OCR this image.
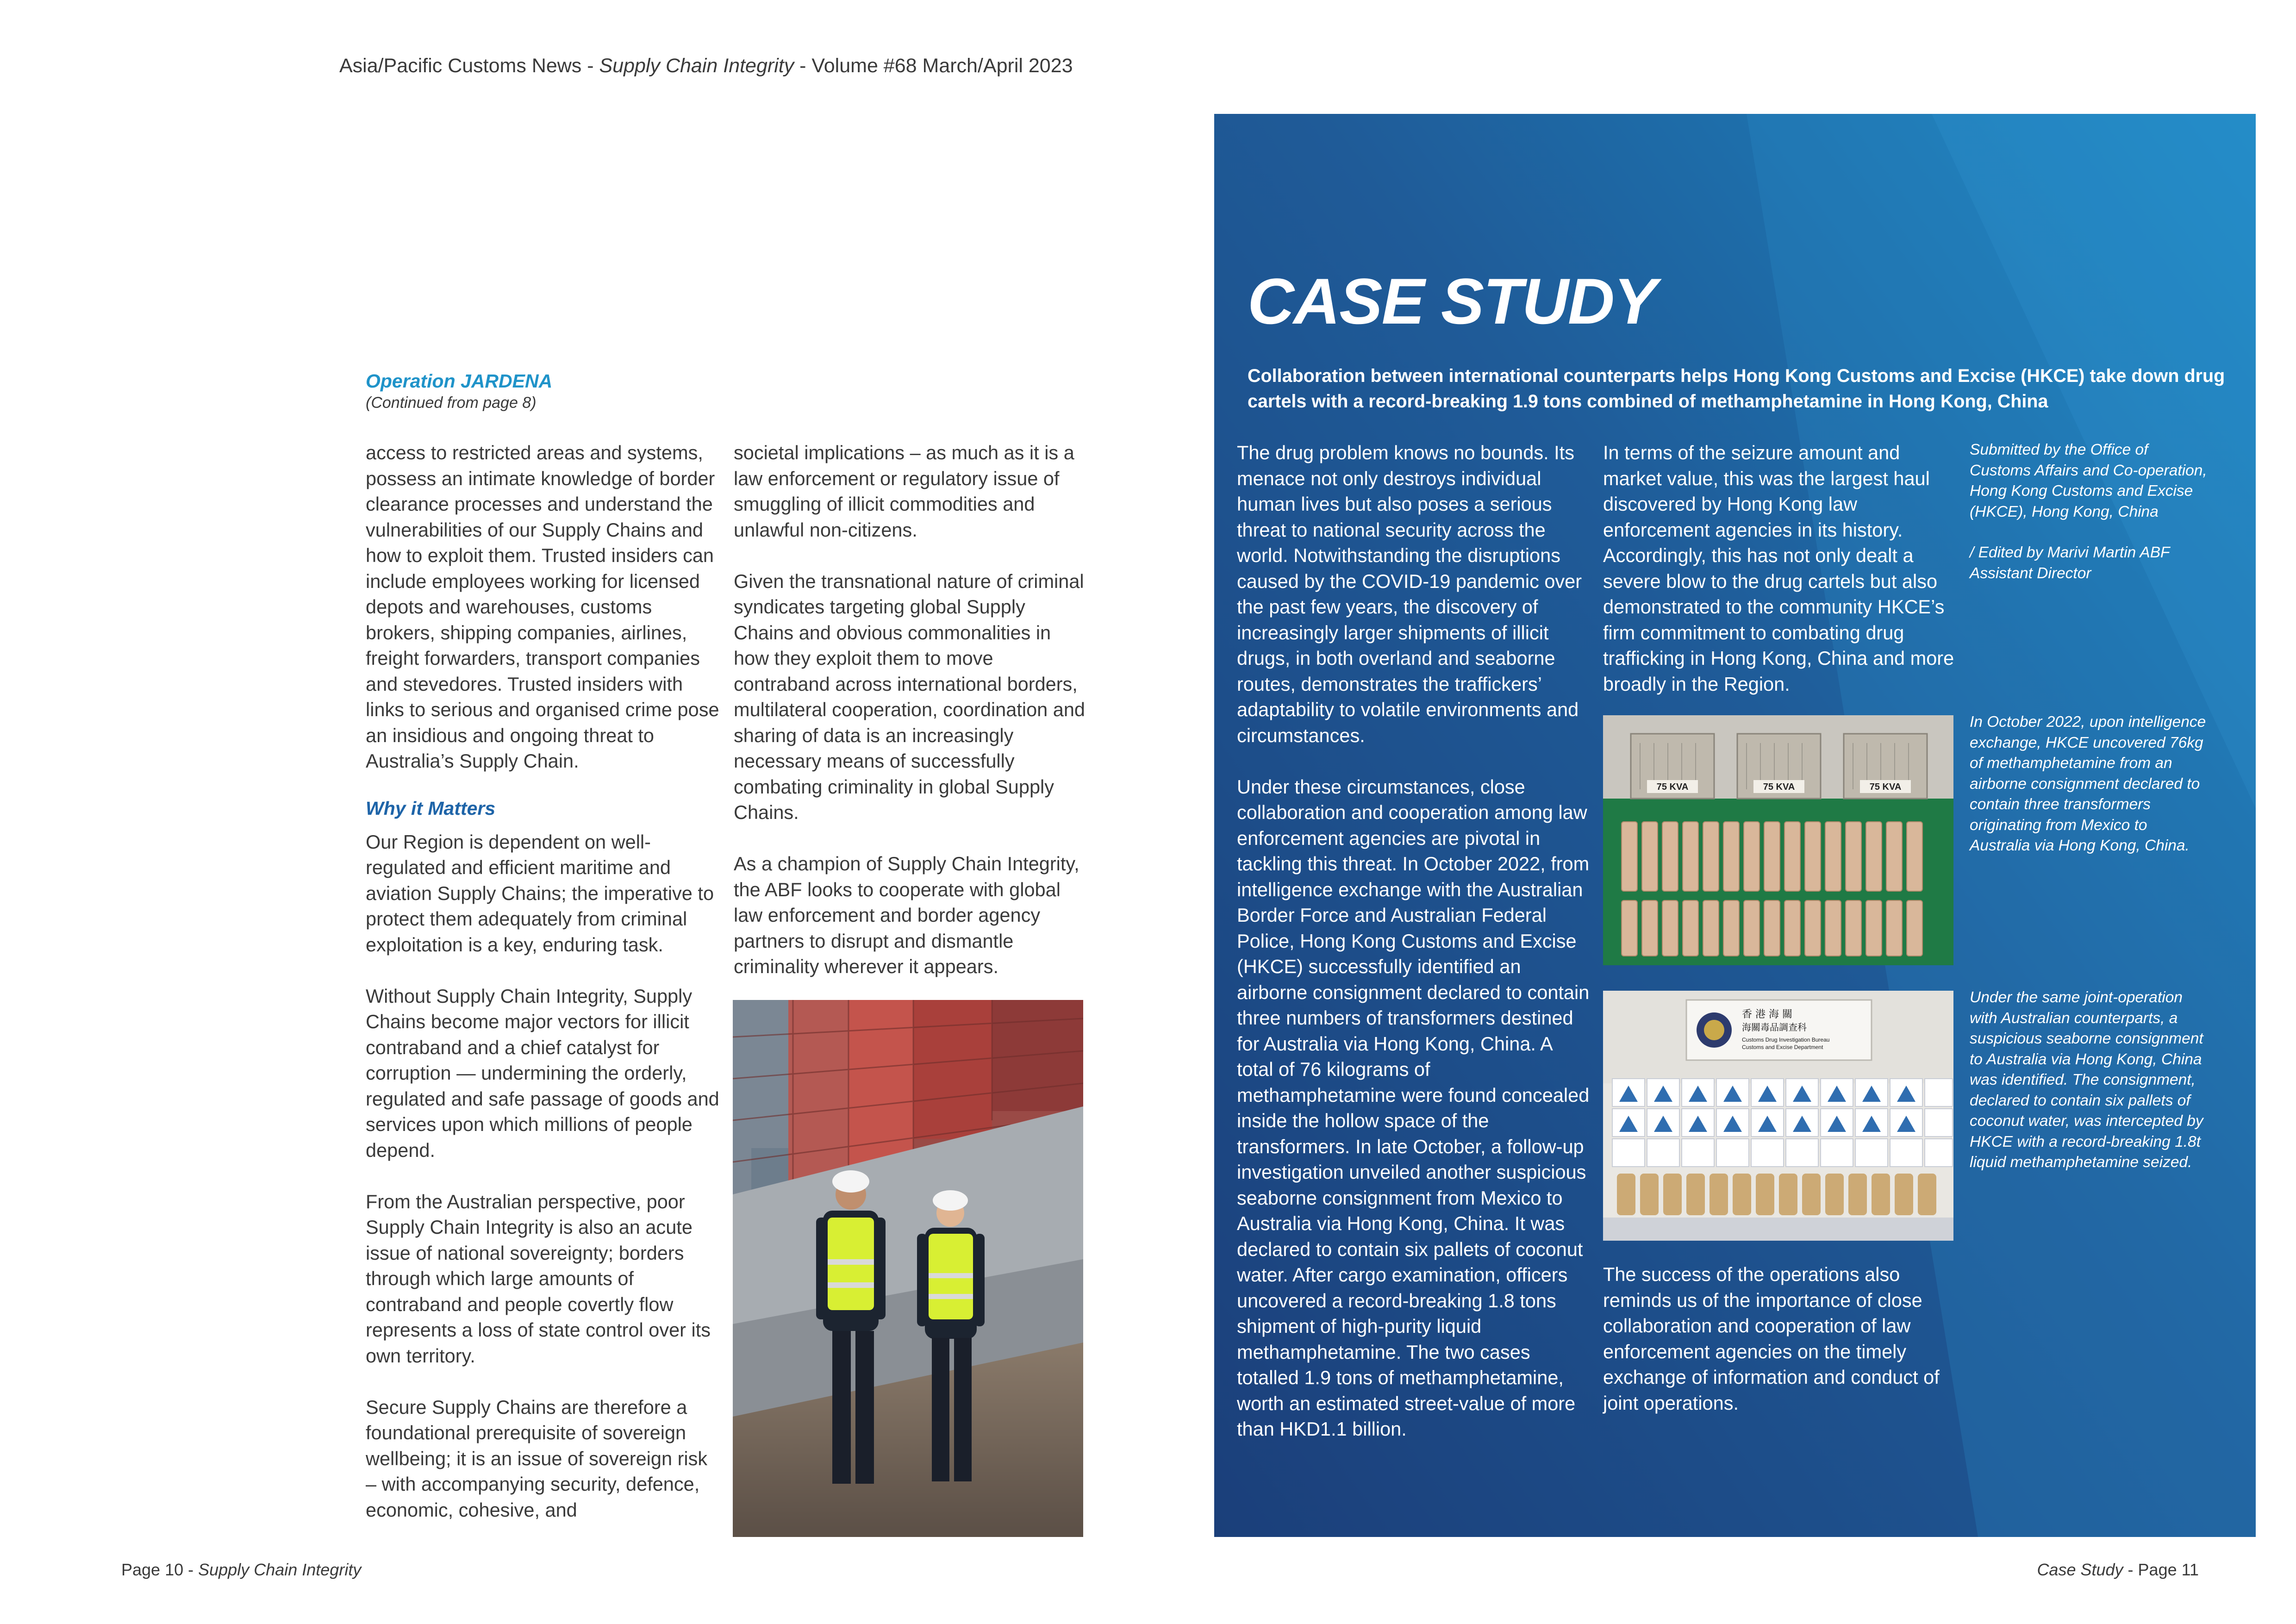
Asia/Pacific Customs News - Supply Chain Integrity - Volume #68 March/April 2023
Operation JARDENA
(Continued from page 8)

access to restricted areas and systems, possess an intimate knowledge of border clearance processes and understand the vulnerabilities of our Supply Chains and how to exploit them. Trusted insiders can include employees working for licensed depots and warehouses, customs brokers, shipping companies, airlines, freight forwarders, transport companies and stevedores. Trusted insiders with links to serious and organised crime pose an insidious and ongoing threat to Australia’s Supply Chain.

Why it Matters

Our Region is dependent on well-regulated and efficient maritime and aviation Supply Chains; the imperative to protect them adequately from criminal exploitation is a key, enduring task.

Without Supply Chain Integrity, Supply Chains become major vectors for illicit contraband and a chief catalyst for corruption — undermining the orderly, regulated and safe passage of goods and services upon which millions of people depend.

From the Australian perspective, poor Supply Chain Integrity is also an acute issue of national sovereignty; borders through which large amounts of contraband and people covertly flow represents a loss of state control over its own territory.

Secure Supply Chains are therefore a foundational prerequisite of sovereign wellbeing; it is an issue of sovereign risk – with accompanying security, defence, economic, cohesive, and

societal implications – as much as it is a law enforcement or regulatory issue of smuggling of illicit commodities and unlawful non-citizens.

Given the transnational nature of criminal syndicates targeting global Supply Chains and obvious commonalities in how they exploit them to move contraband across international borders, multilateral cooperation, coordination and sharing of data is an increasingly necessary means of successfully combating criminality in global Supply Chains.

As a champion of Supply Chain Integrity, the ABF looks to cooperate with global law enforcement and border agency partners to disrupt and dismantle criminality wherever it appears.

CASE STUDY
Collaboration between international counterparts helps Hong Kong Customs and Excise (HKCE) take down drug cartels with a record-breaking 1.9 tons combined of methamphetamine in Hong Kong, China

The drug problem knows no bounds. Its menace not only destroys individual human lives but also poses a serious threat to national security across the world. Notwithstanding the disruptions caused by the COVID-19 pandemic over the past few years, the discovery of increasingly larger shipments of illicit drugs, in both overland and seaborne routes, demonstrates the traffickers’ adaptability to volatile environments and circumstances.

Under these circumstances, close collaboration and cooperation among law enforcement agencies are pivotal in tackling this threat. In October 2022, from intelligence exchange with the Australian Border Force and Australian Federal Police, Hong Kong Customs and Excise (HKCE) successfully identified an airborne consignment declared to contain three numbers of transformers destined for Australia via Hong Kong, China. A total of 76 kilograms of methamphetamine were found concealed inside the hollow space of the transformers. In late October, a follow-up investigation unveiled another suspicious seaborne consignment from Mexico to Australia via Hong Kong, China. It was declared to contain six pallets of coconut water. After cargo examination, officers uncovered a record-breaking 1.8 tons shipment of high-purity liquid methamphetamine. The two cases totalled 1.9 tons of methamphetamine, worth an estimated street-value of more than HKD1.1 billion.

In terms of the seizure amount and market value, this was the largest haul discovered by Hong Kong law enforcement agencies in its history. Accordingly, this has not only dealt a severe blow to the drug cartels but also demonstrated to the community HKCE’s firm commitment to combating drug trafficking in Hong Kong, China and more broadly in the Region.

The success of the operations also reminds us of the importance of close collaboration and cooperation of law enforcement agencies on the timely exchange of information and conduct of joint operations.

Submitted by the Office of Customs Affairs and Co-operation, Hong Kong Customs and Excise (HKCE), Hong Kong, China
/ Edited by Marivi Martin ABF Assistant Director
In October 2022, upon intelligence exchange, HKCE uncovered 76kg of methamphetamine from an airborne consignment declared to contain three transformers originating from Mexico to Australia via Hong Kong, China.
Under the same joint-operation with Australian counterparts, a suspicious seaborne consignment to Australia via Hong Kong, China was identified. The consignment, declared to contain six pallets of coconut water, was intercepted by HKCE with a record-breaking 1.8t liquid methamphetamine seized.
75 KVA	75 KVA	75 KVA
香 港 海 關
海關毒品調查科
Customs Drug Investigation Bureau
Customs and Excise Department
Page 10 - Supply Chain Integrity	Case Study - Page 11
